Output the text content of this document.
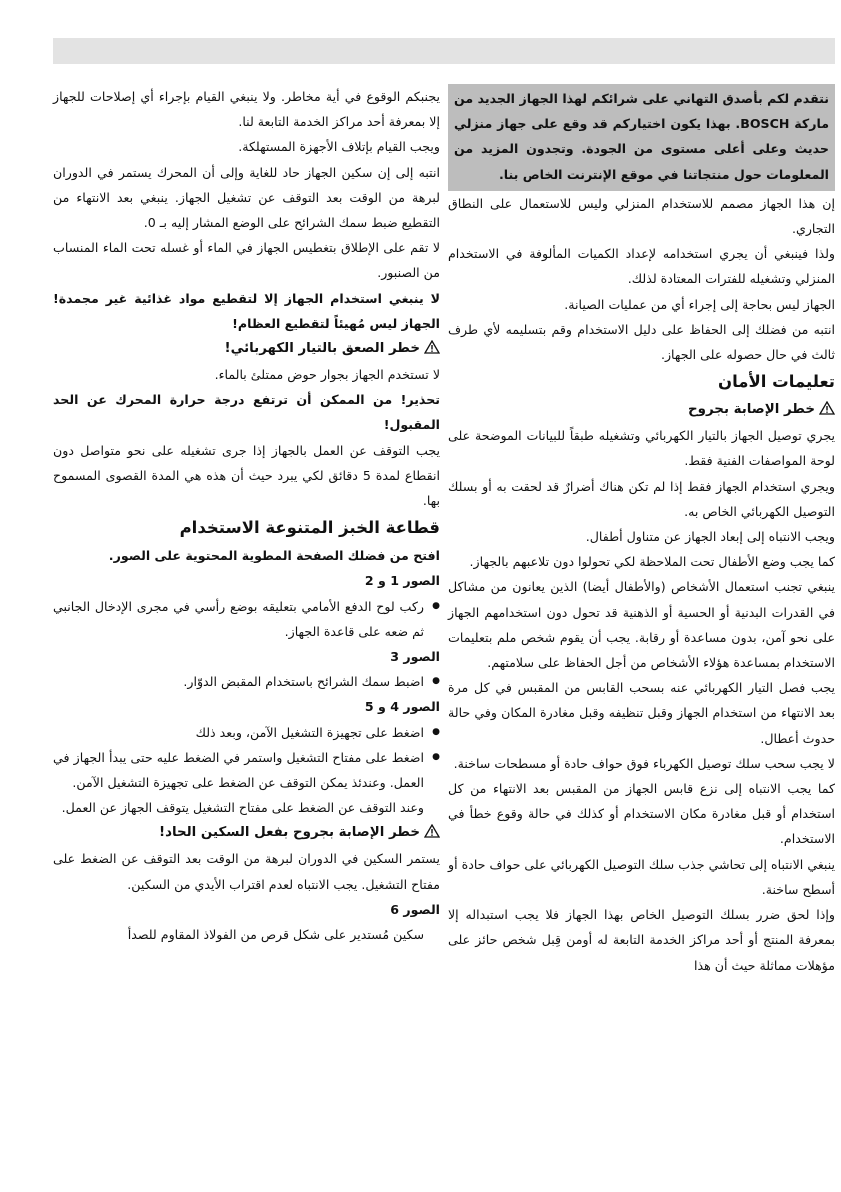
نتقدم لكم بأصدق التهاني على شرائكم لهذا الجهاز الجديد من ماركة BOSCH. بهذا يكون اختياركم قد وقع على جهاز منزلي حديث وعلى أعلى مستوى من الجودة. وتجدون المزيد من المعلومات حول منتجاتنا في موقع الإنترنت الخاص بنا.

إن هذا الجهاز مصمم للاستخدام المنزلي وليس للاستعمال على النطاق التجاري.

ولذا فينبغي أن يجري استخدامه لإعداد الكميات المألوفة في الاستخدام المنزلي وتشغيله للفترات المعتادة لذلك.

الجهاز ليس بحاجة إلى إجراء أي من عمليات الصيانة.

انتبه من فضلك إلى الحفاظ على دليل الاستخدام وقم بتسليمه لأي طرف ثالث في حال حصوله على الجهاز.

تعليمات الأمان

خطر الإصابة بجروح

يجري توصيل الجهاز بالتيار الكهربائي وتشغيله طبقاً للبيانات الموضحة على لوحة المواصفات الفنية فقط.

ويجري استخدام الجهاز فقط إذا لم تكن هناك أضرارٌ قد لحقت به أو بسلك التوصيل الكهربائي الخاص به.

ويجب الانتباه إلى إبعاد الجهاز عن متناول أطفال.

كما يجب وضع الأطفال تحت الملاحظة لكي تحولوا دون تلاعبهم بالجهاز.

ينبغي تجنب استعمال الأشخاص (والأطفال أيضا) الذين يعانون من مشاكل في القدرات البدنية أو الحسية أو الذهنية قد تحول دون استخدامهم الجهاز على نحو آمن، بدون مساعدة أو رقابة. يجب أن يقوم شخص ملم بتعليمات الاستخدام بمساعدة هؤلاء الأشخاص من أجل الحفاظ على سلامتهم.

يجب فصل التيار الكهربائي عنه بسحب القابس من المقبس في كل مرة بعد الانتهاء من استخدام الجهاز وقبل تنظيفه وقبل مغادرة المكان وفي حالة حدوث أعطال.

لا يجب سحب سلك توصيل الكهرباء فوق حواف حادة أو مسطحات ساخنة.

كما يجب الانتباه إلى نزع قابس الجهاز من المقبس بعد الانتهاء من كل استخدام أو قبل مغادرة مكان الاستخدام أو كذلك في حالة وقوع خطأ في الاستخدام.

ينبغي الانتباه إلى تحاشي جذب سلك التوصيل الكهربائي على حواف حادة أو أسطح ساخنة.

وإذا لحق ضرر بسلك التوصيل الخاص بهذا الجهاز فلا يجب استبداله إلا بمعرفة المنتج أو أحد مراكز الخدمة التابعة له أومن قِبل شخص حائز على مؤهلات مماثلة حيث أن هذا

يجنبكم الوقوع في أية مخاطر. ولا ينبغي القيام بإجراء أي إصلاحات للجهاز إلا بمعرفة أحد مراكز الخدمة التابعة لنا.

ويجب القيام بإتلاف الأجهزة المستهلكة.

انتبه إلى إن سكين الجهاز حاد للغاية وإلى أن المحرك يستمر في الدوران لبرهة من الوقت بعد التوقف عن تشغيل الجهاز. ينبغي بعد الانتهاء من التقطيع ضبط سمك الشرائح على الوضع المشار إليه بـ 0.

لا تقم على الإطلاق بتغطيس الجهاز في الماء أو غسله تحت الماء المنساب من الصنبور.

لا ينبغي استخدام الجهاز إلا لتقطيع مواد غذائية غير مجمدة! الجهاز ليس مُهيئاً لتقطيع العظام!

خطر الصعق بالتيار الكهربائي!

لا تستخدم الجهاز بجوار حوض ممتلئ بالماء.

تحذير! من الممكن أن ترتفع درجة حرارة المحرك عن الحد المقبول!

يجب التوقف عن العمل بالجهاز إذا جرى تشغيله على نحو متواصل دون انقطاع لمدة 5 دقائق لكي يبرد حيث أن هذه هي المدة القصوى المسموح بها.

قطاعة الخبز المتنوعة الاستخدام

افتح من فضلك الصفحة المطوية المحتوية على الصور.

الصور 1 و 2

● ركب لوح الدفع الأمامي بتعليقه بوضع رأسي في مجرى الإدخال الجانبي ثم ضعه على قاعدة الجهاز.

الصور 3

● اضبط سمك الشرائح باستخدام المقبض الدوّار.

الصور 4 و 5

● اضغط على تجهيزة التشغيل الآمن، وبعد ذلك
● اضغط على مفتاح التشغيل واستمر في الضغط عليه حتى يبدأ الجهاز في العمل. وعندئذ يمكن التوقف عن الضغط على تجهيزة التشغيل الآمن.

وعند التوقف عن الضغط على مفتاح التشغيل يتوقف الجهاز عن العمل.

خطر الإصابة بجروح بفعل السكين الحاد!

يستمر السكين في الدوران لبرهة من الوقت بعد التوقف عن الضغط على مفتاح التشغيل. يجب الانتباه لعدم اقتراب الأيدي من السكين.

الصور 6

سكين مُستدير على شكل قرص من الفولاذ المقاوم للصدأ
